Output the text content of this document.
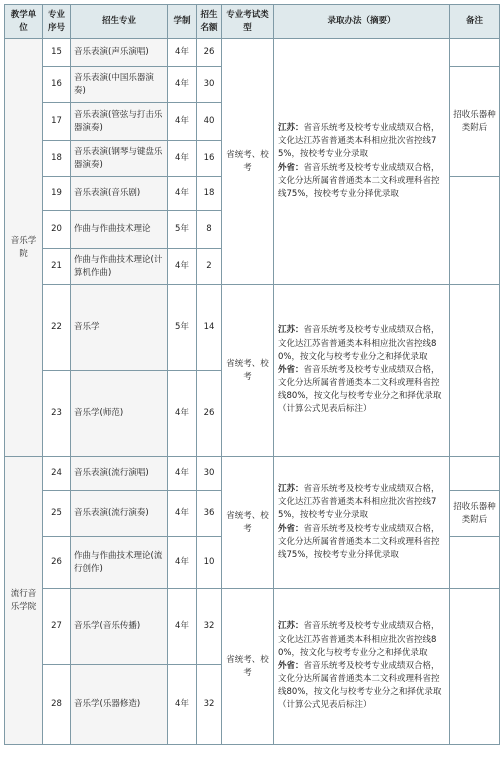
教学单位	专业序号	招生专业	学制	招生名额	专业考试类型	录取办法（摘要）	备注
音乐学院	15	音乐表演(声乐演唱)	4年	26	省统考、校考	江苏：省音乐统考及校考专业成绩双合格，文化达江苏省普通类本科相应批次省控线75%，按校考专业分录取
外省：省音乐统考及校考专业成绩双合格，文化分达所属省普通类本二文科或理科省控线75%，按校考专业分择优录取	
	16	音乐表演(中国乐器演奏)	4年	30			招收乐器种类附后
	17	音乐表演(管弦与打击乐器演奏)	4年	40			
	18	音乐表演(钢琴与键盘乐器演奏)	4年	16			
	19	音乐表演(音乐剧)	4年	18			
	20	作曲与作曲技术理论	5年	8			
	21	作曲与作曲技术理论(计算机作曲)	4年	2			
	22	音乐学	5年	14	省统考、校考	江苏：省音乐统考及校考专业成绩双合格，文化达江苏省普通类本科相应批次省控线80%，按文化与校考专业分之和择优录取
外省：省音乐统考及校考专业成绩双合格，文化分达所属省普通类本二文科或理科省控线80%，按文化与校考专业分之和择优录取（计算公式见表后标注）	
	23	音乐学(师范)	4年	26			
流行音乐学院	24	音乐表演(流行演唱)	4年	30	省统考、校考	江苏：省音乐统考及校考专业成绩双合格，文化达江苏省普通类本科相应批次省控线75%，按校考专业分录取
外省：省音乐统考及校考专业成绩双合格，文化分达所属省普通类本二文科或理科省控线75%，按校考专业分择优录取	
	25	音乐表演(流行演奏)	4年	36			招收乐器种类附后
	26	作曲与作曲技术理论(流行创作)	4年	10			
	27	音乐学(音乐传播)	4年	32	省统考、校考	江苏：省音乐统考及校考专业成绩双合格，文化达江苏省普通类本科相应批次省控线80%，按文化与校考专业分之和择优录取
外省：省音乐统考及校考专业成绩双合格，文化分达所属省普通类本二文科或理科省控线80%，按文化与校考专业分之和择优录取（计算公式见表后标注）	
	28	音乐学(乐器修造)	4年	32			
